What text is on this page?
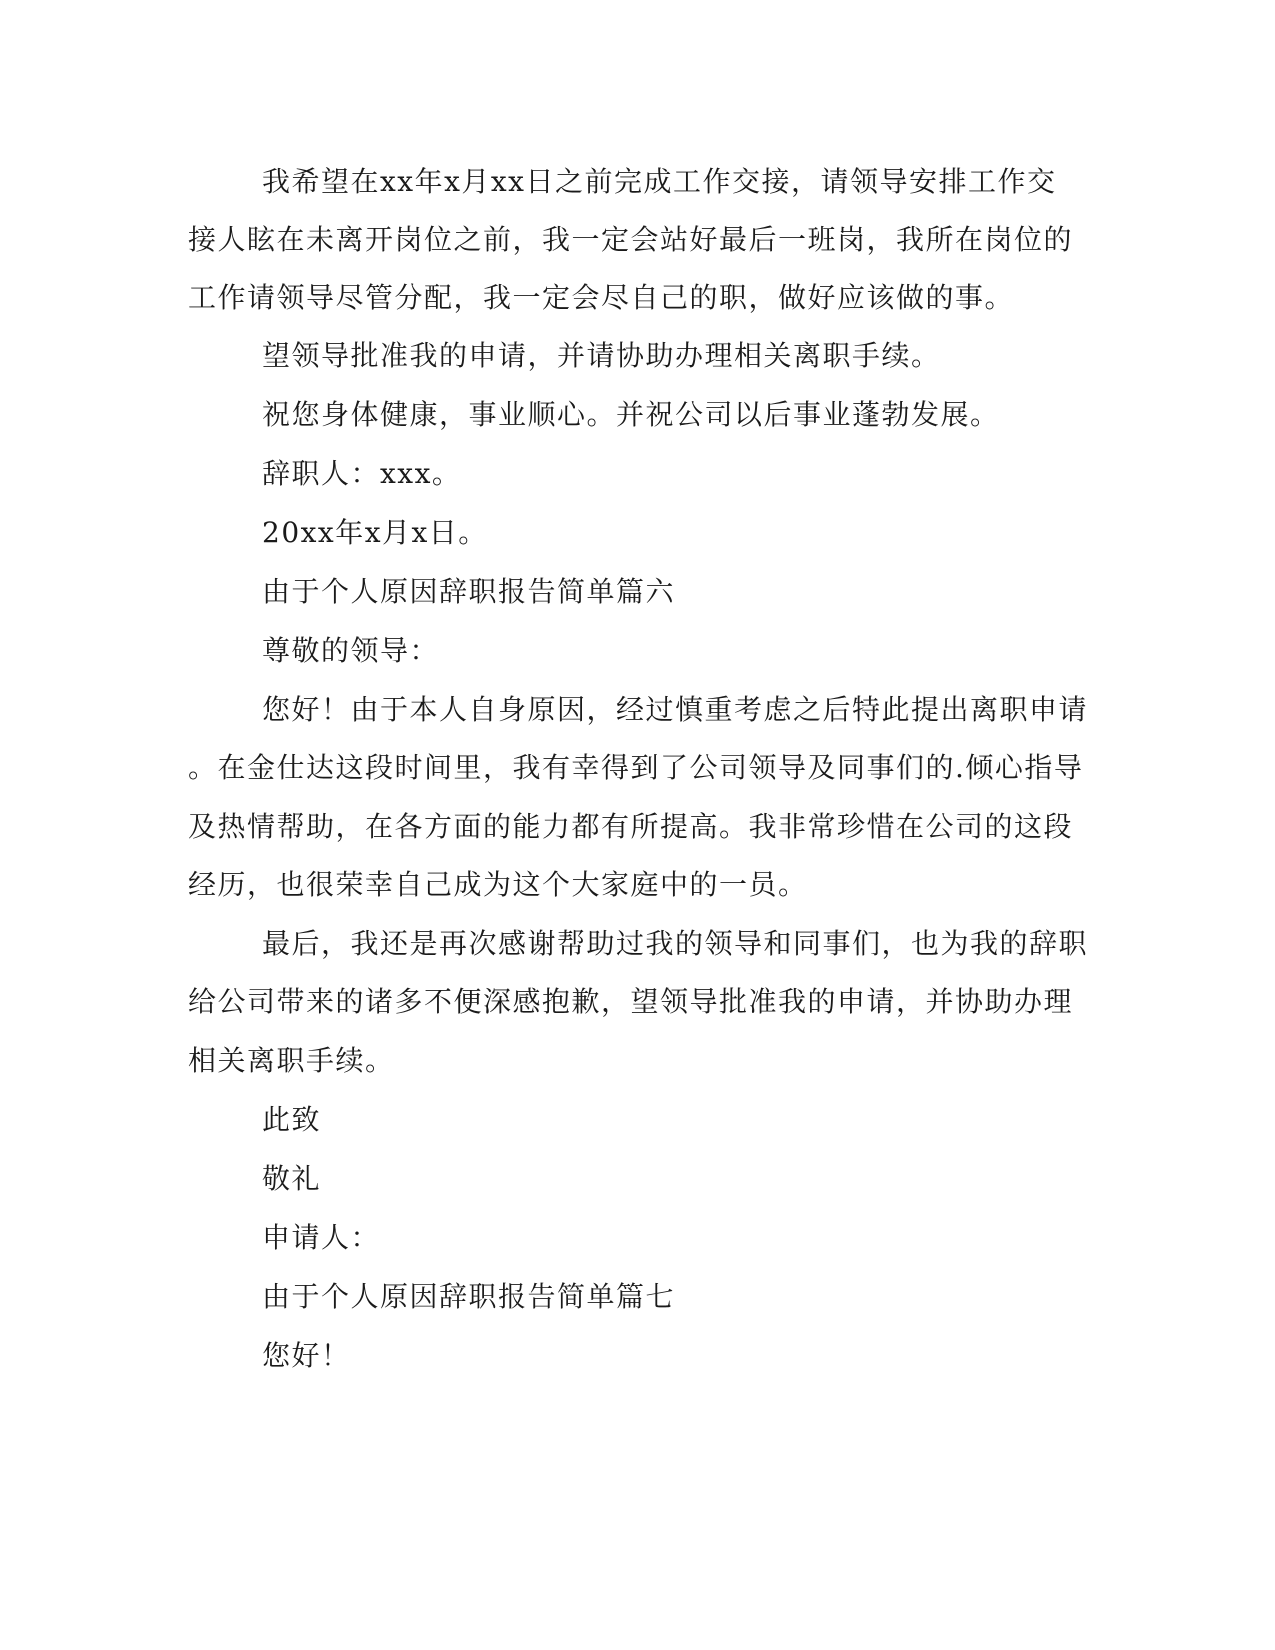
我希望在xx年x月xx日之前完成工作交接，请领导安排工作交
接人眩在未离开岗位之前，我一定会站好最后一班岗，我所在岗位的
工作请领导尽管分配，我一定会尽自己的职，做好应该做的事。
望领导批准我的申请，并请协助办理相关离职手续。
祝您身体健康，事业顺心。并祝公司以后事业蓬勃发展。
辞职人：xxx。
20xx年x月x日。
由于个人原因辞职报告简单篇六
尊敬的领导：
您好！由于本人自身原因，经过慎重考虑之后特此提出离职申请
。在金仕达这段时间里，我有幸得到了公司领导及同事们的.倾心指导
及热情帮助，在各方面的能力都有所提高。我非常珍惜在公司的这段
经历，也很荣幸自己成为这个大家庭中的一员。
最后，我还是再次感谢帮助过我的领导和同事们，也为我的辞职
给公司带来的诸多不便深感抱歉，望领导批准我的申请，并协助办理
相关离职手续。
此致
敬礼
申请人：
由于个人原因辞职报告简单篇七
您好！
